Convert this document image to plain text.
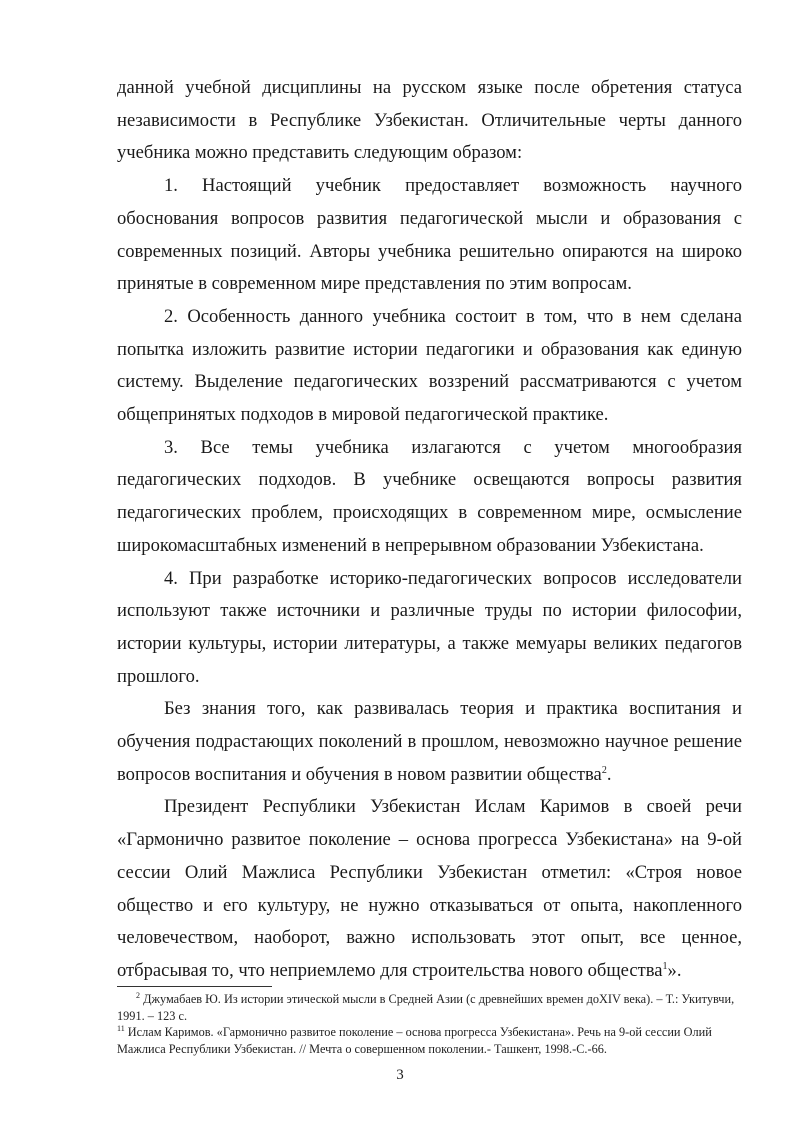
данной учебной дисциплины на русском языке после обретения статуса независимости в Республике Узбекистан. Отличительные черты данного учебника можно представить следующим образом:

1. Настоящий учебник предоставляет возможность научного обоснования вопросов развития педагогической мысли и образования с современных позиций. Авторы учебника решительно опираются на широко принятые в современном мире представления по этим вопросам.

2. Особенность данного учебника состоит в том, что в нем сделана попытка изложить развитие истории педагогики и образования как единую систему. Выделение педагогических воззрений рассматриваются с учетом общепринятых подходов в мировой педагогической практике.

3. Все темы учебника излагаются с учетом многообразия педагогических подходов. В учебнике освещаются вопросы развития педагогических проблем, происходящих в современном мире, осмысление широкомасштабных изменений в непрерывном образовании Узбекистана.

4. При разработке историко-педагогических вопросов исследователи используют также источники и различные труды по истории философии, истории культуры, истории литературы, а также мемуары великих педагогов прошлого.

Без знания того, как развивалась теория и практика воспитания и обучения подрастающих поколений в прошлом, невозможно научное решение вопросов воспитания и обучения в новом развитии общества$^2$.

Президент Республики Узбекистан Ислам Каримов в своей речи «Гармонично развитое поколение – основа прогресса Узбекистана» на 9-ой сессии Олий Мажлиса Республики Узбекистан отметил: «Строя новое общество и его культуру, не нужно отказываться от опыта, накопленного человечеством, наоборот, важно использовать этот опыт, все ценное, отбрасывая то, что неприемлемо для строительства нового общества$^1$».

$^2$ Джумабаев Ю. Из истории этической мысли в Средней Азии (с древнейших времен доXIV века). – Т.: Укитувчи, 1991. – 123 с.

$^{11}$ Ислам Каримов. «Гармонично развитое поколение – основа прогресса Узбекистана». Речь на 9-ой сессии Олий Мажлиса Республики Узбекистан. // Мечта о совершенном поколении.- Ташкент, 1998.-С.-66.

3
